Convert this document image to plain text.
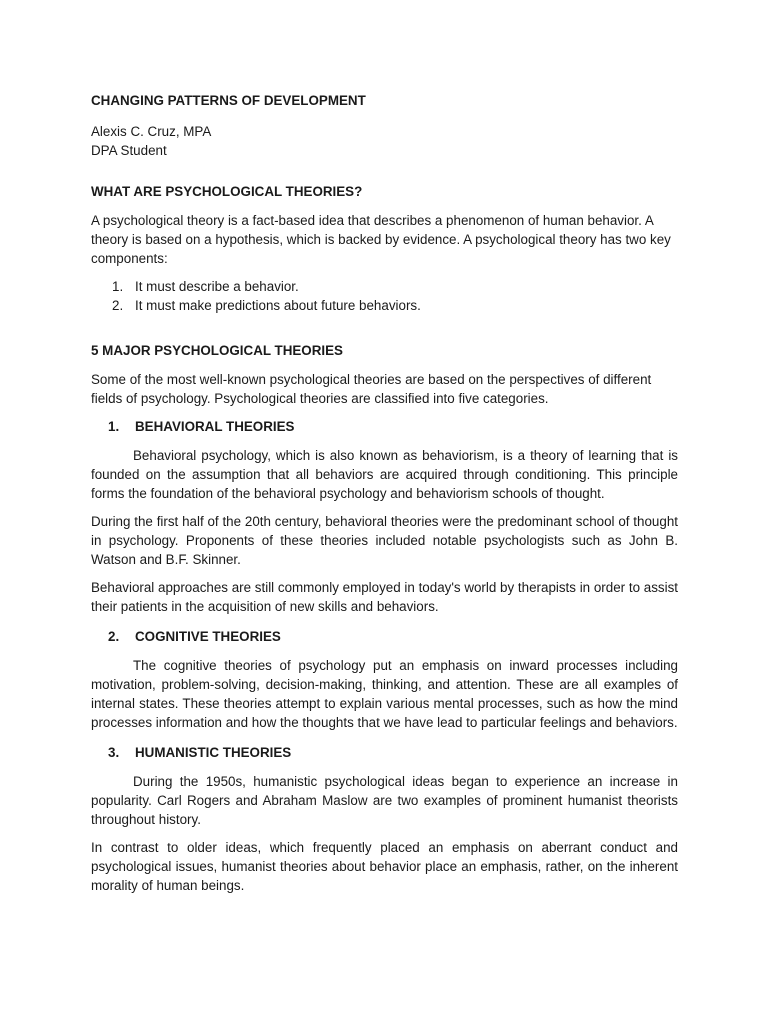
CHANGING PATTERNS OF DEVELOPMENT

Alexis C. Cruz, MPA

DPA Student

WHAT ARE PSYCHOLOGICAL THEORIES?

A psychological theory is a fact-based idea that describes a phenomenon of human behavior. A theory is based on a hypothesis, which is backed by evidence. A psychological theory has two key components:

1. It must describe a behavior.
2. It must make predictions about future behaviors.
5 MAJOR PSYCHOLOGICAL THEORIES

Some of the most well-known psychological theories are based on the perspectives of different fields of psychology. Psychological theories are classified into five categories.

1. BEHAVIORAL THEORIES

Behavioral psychology, which is also known as behaviorism, is a theory of learning that is founded on the assumption that all behaviors are acquired through conditioning. This principle forms the foundation of the behavioral psychology and behaviorism schools of thought.

During the first half of the 20th century, behavioral theories were the predominant school of thought in psychology. Proponents of these theories included notable psychologists such as John B. Watson and B.F. Skinner.

Behavioral approaches are still commonly employed in today's world by therapists in order to assist their patients in the acquisition of new skills and behaviors.

2. COGNITIVE THEORIES

The cognitive theories of psychology put an emphasis on inward processes including motivation, problem-solving, decision-making, thinking, and attention. These are all examples of internal states. These theories attempt to explain various mental processes, such as how the mind processes information and how the thoughts that we have lead to particular feelings and behaviors.

3. HUMANISTIC THEORIES

During the 1950s, humanistic psychological ideas began to experience an increase in popularity. Carl Rogers and Abraham Maslow are two examples of prominent humanist theorists throughout history.

In contrast to older ideas, which frequently placed an emphasis on aberrant conduct and psychological issues, humanist theories about behavior place an emphasis, rather, on the inherent morality of human beings.
